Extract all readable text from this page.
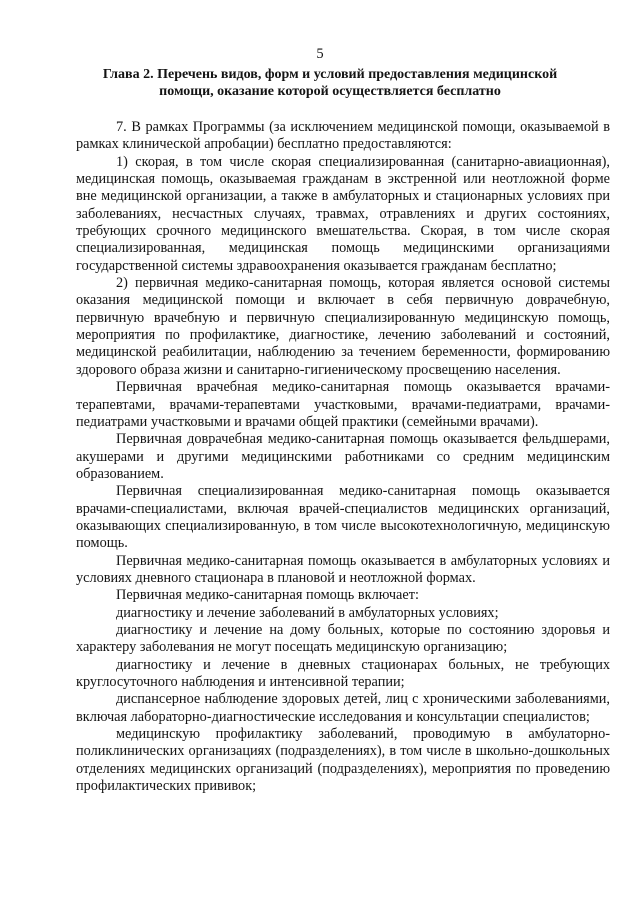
5
Глава 2. Перечень видов, форм и условий предоставления медицинской помощи, оказание которой осуществляется бесплатно

7. В рамках Программы (за исключением медицинской помощи, оказываемой в рамках клинической апробации) бесплатно предоставляются:

1) скорая, в том числе скорая специализированная (санитарно-авиационная), медицинская помощь, оказываемая гражданам в экстренной или неотложной форме вне медицинской организации, а также в амбулаторных и стационарных условиях при заболеваниях, несчастных случаях, травмах, отравлениях и других состояниях, требующих срочного медицинского вмешательства. Скорая, в том числе скорая специализированная, медицинская помощь медицинскими организациями государственной системы здравоохранения оказывается гражданам бесплатно;

2) первичная медико-санитарная помощь, которая является основой системы оказания медицинской помощи и включает в себя первичную доврачебную, первичную врачебную и первичную специализированную медицинскую помощь, мероприятия по профилактике, диагностике, лечению заболеваний и состояний, медицинской реабилитации, наблюдению за течением беременности, формированию здорового образа жизни и санитарно-гигиеническому просвещению населения.

Первичная врачебная медико-санитарная помощь оказывается врачами-терапевтами, врачами-терапевтами участковыми, врачами-педиатрами, врачами-педиатрами участковыми и врачами общей практики (семейными врачами).

Первичная доврачебная медико-санитарная помощь оказывается фельдшерами, акушерами и другими медицинскими работниками со средним медицинским образованием.

Первичная специализированная медико-санитарная помощь оказывается врачами-специалистами, включая врачей-специалистов медицинских организаций, оказывающих специализированную, в том числе высокотехнологичную, медицинскую помощь.

Первичная медико-санитарная помощь оказывается в амбулаторных условиях и условиях дневного стационара в плановой и неотложной формах.

Первичная медико-санитарная помощь включает:

диагностику и лечение заболеваний в амбулаторных условиях;

диагностику и лечение на дому больных, которые по состоянию здоровья и характеру заболевания не могут посещать медицинскую организацию;

диагностику и лечение в дневных стационарах больных, не требующих круглосуточного наблюдения и интенсивной терапии;

диспансерное наблюдение здоровых детей, лиц с хроническими заболеваниями, включая лабораторно-диагностические исследования и консультации специалистов;

медицинскую профилактику заболеваний, проводимую в амбулаторно-поликлинических организациях (подразделениях), в том числе в школьно-дошкольных отделениях медицинских организаций (подразделениях), мероприятия по проведению профилактических прививок;
